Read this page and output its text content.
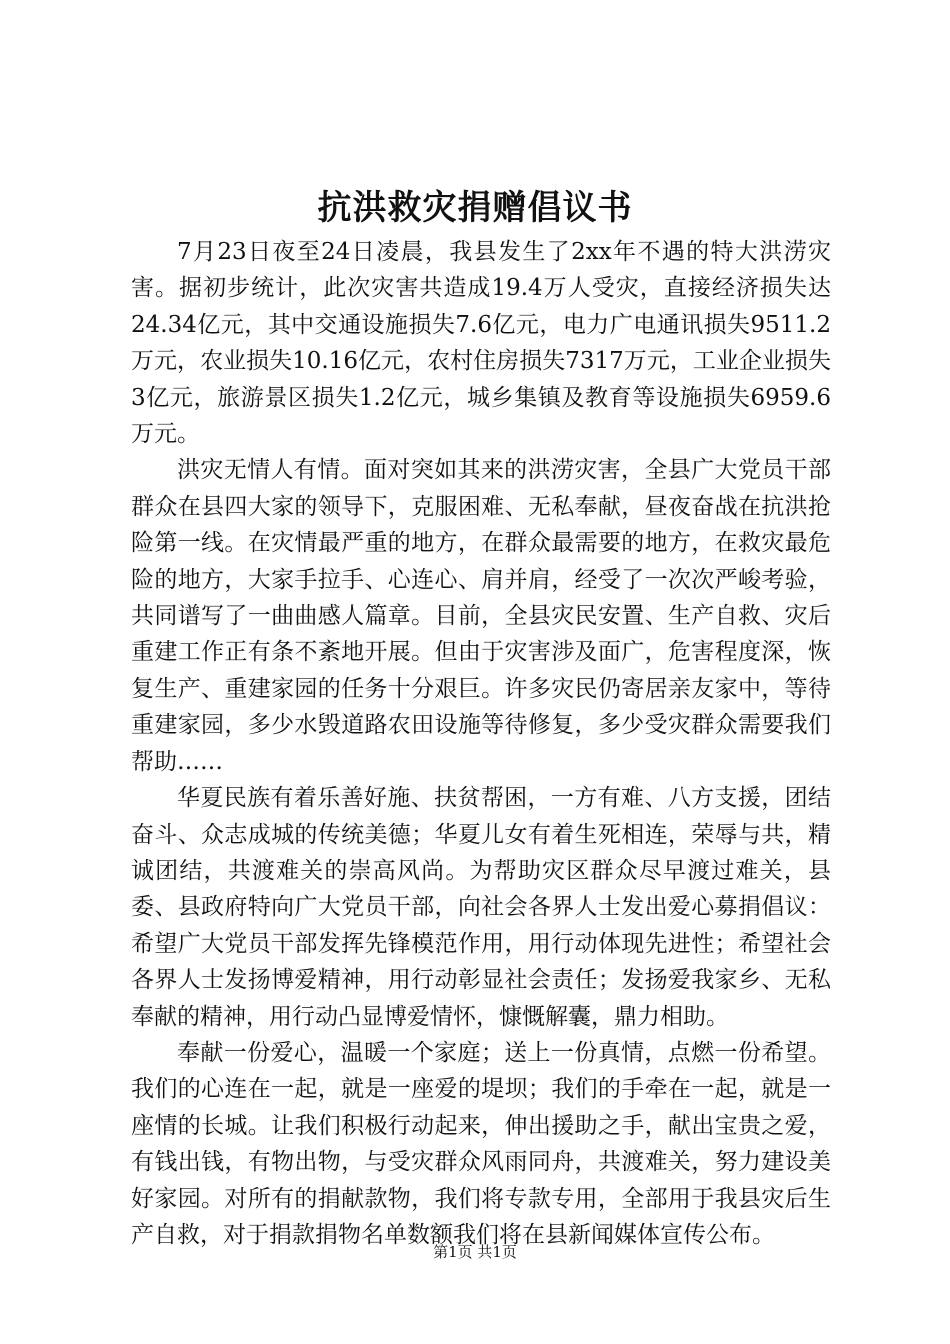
抗洪救灾捐赠倡议书

7月23日夜至24日凌晨，我县发生了2xx年不遇的特大洪涝灾害。据初步统计，此次灾害共造成19.4万人受灾，直接经济损失达24.34亿元，其中交通设施损失7.6亿元，电力广电通讯损失9511.2万元，农业损失10.16亿元，农村住房损失7317万元，工业企业损失3亿元，旅游景区损失1.2亿元，城乡集镇及教育等设施损失6959.6万元。

洪灾无情人有情。面对突如其来的洪涝灾害，全县广大党员干部群众在县四大家的领导下，克服困难、无私奉献，昼夜奋战在抗洪抢险第一线。在灾情最严重的地方，在群众最需要的地方，在救灾最危险的地方，大家手拉手、心连心、肩并肩，经受了一次次严峻考验，共同谱写了一曲曲感人篇章。目前，全县灾民安置、生产自救、灾后重建工作正有条不紊地开展。但由于灾害涉及面广，危害程度深，恢复生产、重建家园的任务十分艰巨。许多灾民仍寄居亲友家中，等待重建家园，多少水毁道路农田设施等待修复，多少受灾群众需要我们帮助……

华夏民族有着乐善好施、扶贫帮困，一方有难、八方支援，团结奋斗、众志成城的传统美德；华夏儿女有着生死相连，荣辱与共，精诚团结，共渡难关的崇高风尚。为帮助灾区群众尽早渡过难关，县委、县政府特向广大党员干部，向社会各界人士发出爱心募捐倡议：希望广大党员干部发挥先锋模范作用，用行动体现先进性；希望社会各界人士发扬博爱精神，用行动彰显社会责任；发扬爱我家乡、无私奉献的精神，用行动凸显博爱情怀，慷慨解囊，鼎力相助。

奉献一份爱心，温暖一个家庭；送上一份真情，点燃一份希望。我们的心连在一起，就是一座爱的堤坝；我们的手牵在一起，就是一座情的长城。让我们积极行动起来，伸出援助之手，献出宝贵之爱，有钱出钱，有物出物，与受灾群众风雨同舟，共渡难关，努力建设美好家园。对所有的捐献款物，我们将专款专用，全部用于我县灾后生产自救，对于捐款捐物名单数额我们将在县新闻媒体宣传公布。

第1页 共1页
